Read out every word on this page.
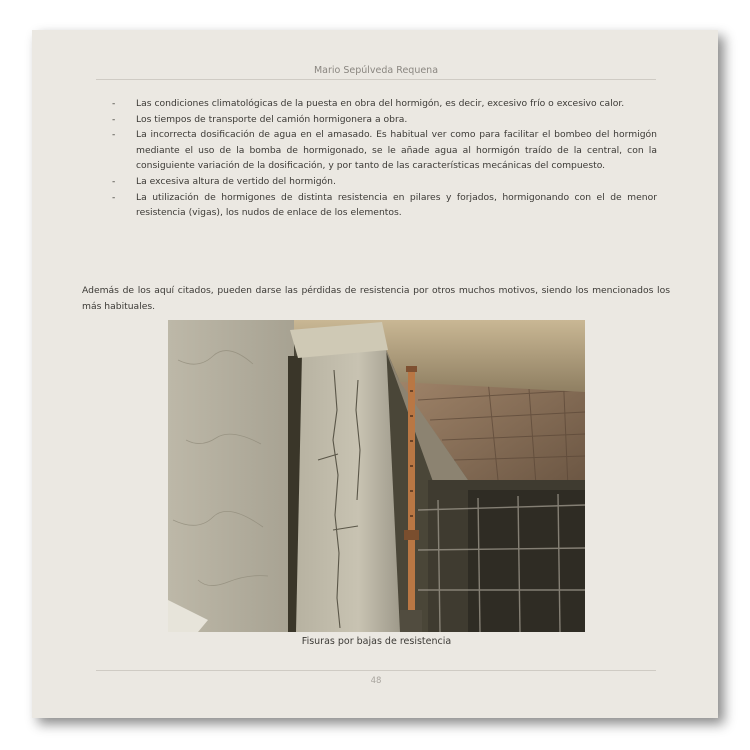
Mario Sepúlveda Requena
- Las condiciones climatológicas de la puesta en obra del hormigón, es decir, excesivo frío o excesivo calor.
- Los tiempos de transporte del camión hormigonera a obra.
- La incorrecta dosificación de agua en el amasado. Es habitual ver como para facilitar el bombeo del hormigón mediante el uso de la bomba de hormigonado, se le añade agua al hormigón traído de la central, con la consiguiente variación de la dosificación, y por tanto de las características mecánicas del compuesto.
- La excesiva altura de vertido del hormigón.
- La utilización de hormigones de distinta resistencia en pilares y forjados, hormigonando con el de menor resistencia (vigas), los nudos de enlace de los elementos.

Además de los aquí citados, pueden darse las pérdidas de resistencia por otros muchos motivos, siendo los mencionados los más habituales.

Fisuras por bajas de resistencia
48
